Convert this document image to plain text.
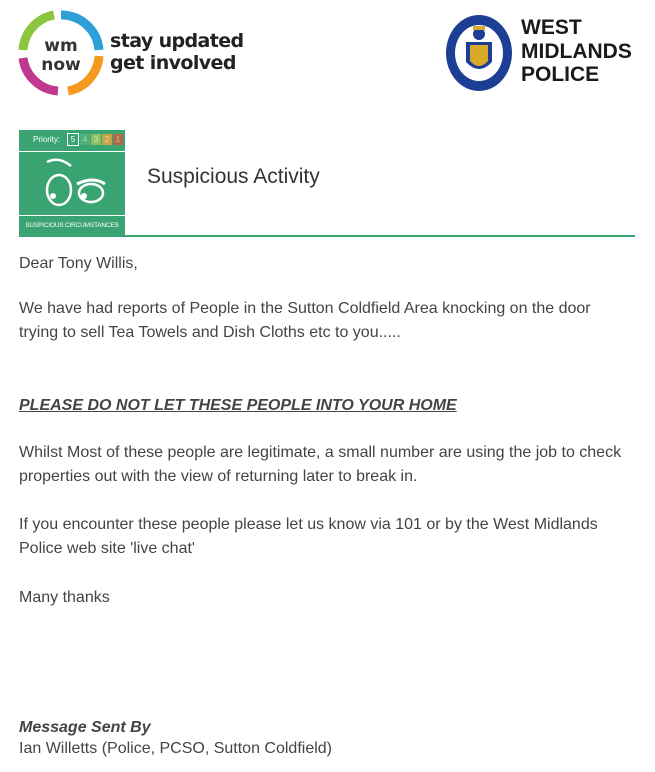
wm
now
stay updated
get involved
WEST
MIDLANDS
POLICE
Priority:	5 4 3 2 1
SUSPICIOUS CIRCUMSTANCES
Suspicious Activity
Dear Tony Willis,
We have had reports of People in the Sutton Coldfield Area knocking on the door trying to sell Tea Towels and Dish Cloths etc to you.....
PLEASE DO NOT LET THESE PEOPLE INTO YOUR HOME
Whilst Most of these people are legitimate, a small number are using the job to check properties out with the view of returning later to break in.
If you encounter these people please let us know via 101 or by the West Midlands Police web site 'live chat'
Many thanks
Message Sent By
Ian Willetts (Police, PCSO, Sutton Coldfield)
